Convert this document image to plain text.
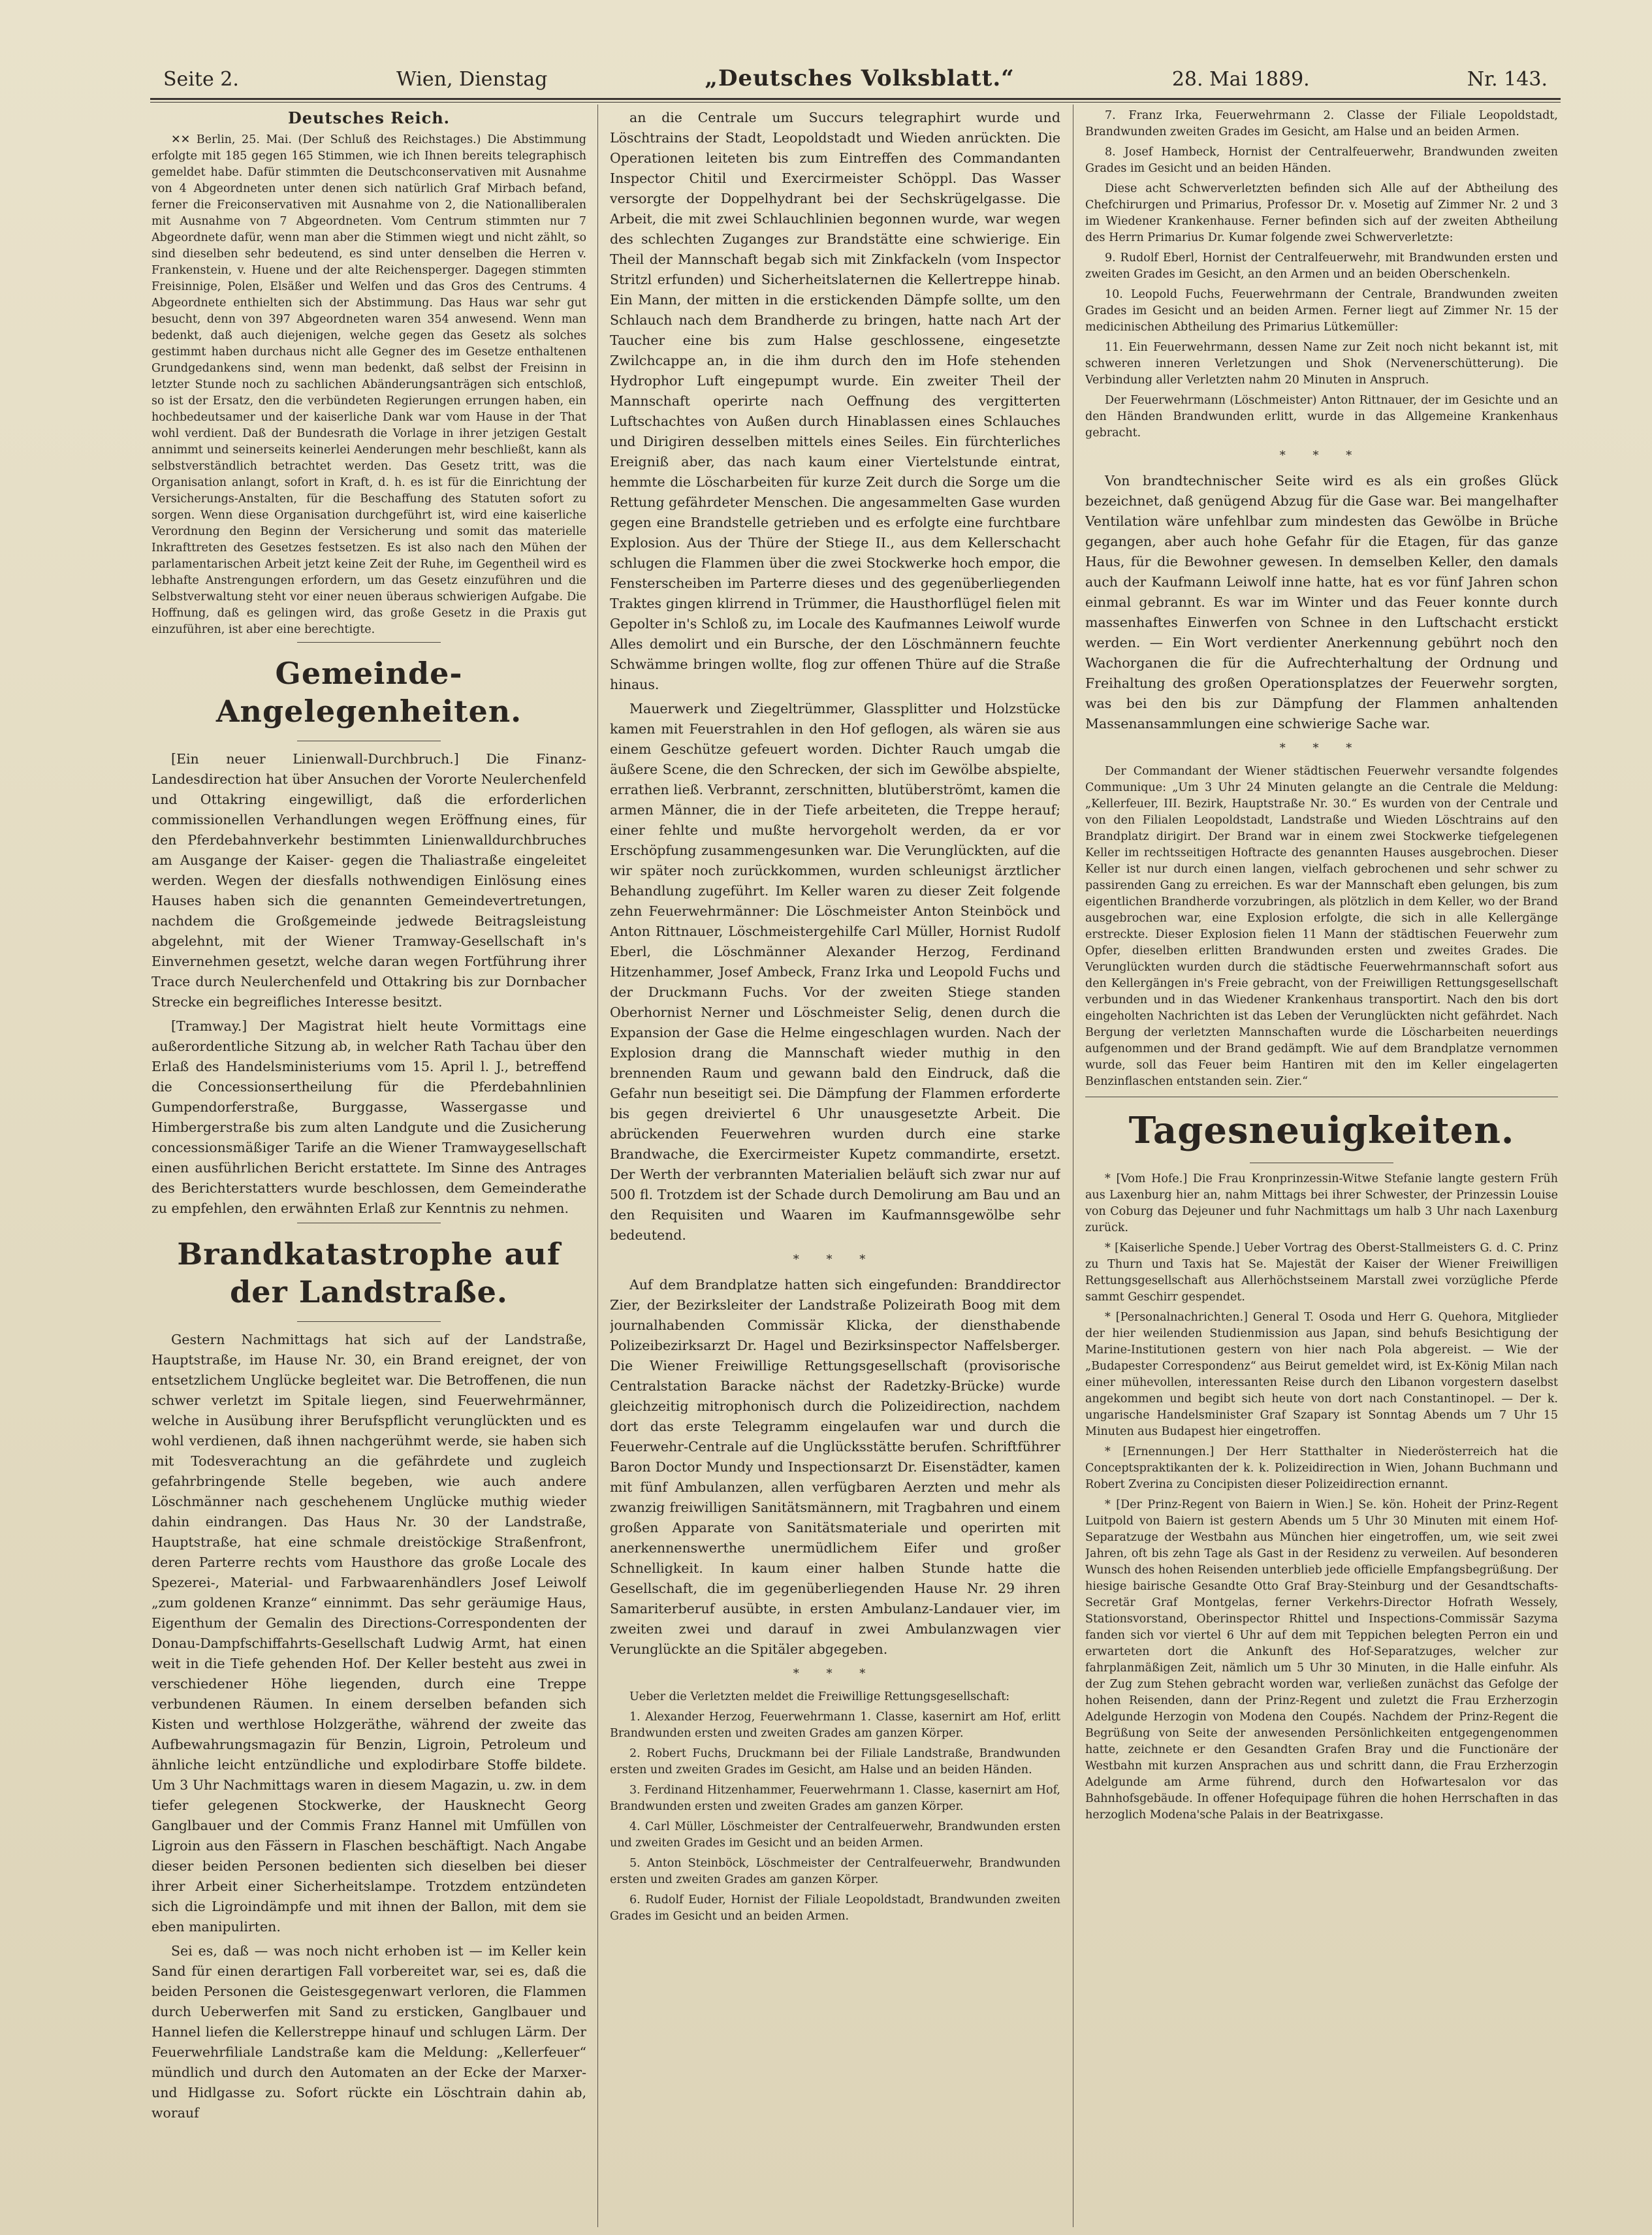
Seite 2.	Wien, Dienstag	„Deutsches Volksblatt.“	28. Mai 1889.	Nr. 143.
Deutsches Reich.

✕✕ Berlin, 25. Mai. (Der Schluß des Reichstages.) Die Abstimmung erfolgte mit 185 gegen 165 Stimmen, wie ich Ihnen bereits telegraphisch gemeldet habe. Dafür stimmten die Deutschconservativen mit Ausnahme von 4 Abgeordneten unter denen sich natürlich Graf Mirbach befand, ferner die Freiconservativen mit Ausnahme von 2, die Nationalliberalen mit Ausnahme von 7 Abgeordneten. Vom Centrum stimmten nur 7 Abgeordnete dafür, wenn man aber die Stimmen wiegt und nicht zählt, so sind dieselben sehr bedeutend, es sind unter denselben die Herren v. Frankenstein, v. Huene und der alte Reichensperger. Dagegen stimmten Freisinnige, Polen, Elsäßer und Welfen und das Gros des Centrums. 4 Abgeordnete enthielten sich der Abstimmung. Das Haus war sehr gut besucht, denn von 397 Abgeordneten waren 354 anwesend. Wenn man bedenkt, daß auch diejenigen, welche gegen das Gesetz als solches gestimmt haben durchaus nicht alle Gegner des im Gesetze enthaltenen Grundgedankens sind, wenn man bedenkt, daß selbst der Freisinn in letzter Stunde noch zu sachlichen Abänderungsanträgen sich entschloß, so ist der Ersatz, den die verbündeten Regierungen errungen haben, ein hochbedeutsamer und der kaiserliche Dank war vom Hause in der That wohl verdient. Daß der Bundesrath die Vorlage in ihrer jetzigen Gestalt annimmt und seinerseits keinerlei Aenderungen mehr beschließt, kann als selbstverständlich betrachtet werden. Das Gesetz tritt, was die Organisation anlangt, sofort in Kraft, d. h. es ist für die Einrichtung der Versicherungs-Anstalten, für die Beschaffung des Statuten sofort zu sorgen. Wenn diese Organisation durchgeführt ist, wird eine kaiserliche Verordnung den Beginn der Versicherung und somit das materielle Inkrafttreten des Gesetzes festsetzen. Es ist also nach den Mühen der parlamentarischen Arbeit jetzt keine Zeit der Ruhe, im Gegentheil wird es lebhafte Anstrengungen erfordern, um das Gesetz einzuführen und die Selbstverwaltung steht vor einer neuen überaus schwierigen Aufgabe. Die Hoffnung, daß es gelingen wird, das große Gesetz in die Praxis gut einzuführen, ist aber eine berechtigte.

Gemeinde-Angelegenheiten.

[Ein neuer Linienwall-Durchbruch.] Die Finanz-Landesdirection hat über Ansuchen der Vororte Neulerchenfeld und Ottakring eingewilligt, daß die erforderlichen commissionellen Verhandlungen wegen Eröffnung eines, für den Pferdebahnverkehr bestimmten Linienwalldurchbruches am Ausgange der Kaiser- gegen die Thaliastraße eingeleitet werden. Wegen der diesfalls nothwendigen Einlösung eines Hauses haben sich die genannten Gemeindevertretungen, nachdem die Großgemeinde jedwede Beitragsleistung abgelehnt, mit der Wiener Tramway-Gesellschaft in's Einvernehmen gesetzt, welche daran wegen Fortführung ihrer Trace durch Neulerchenfeld und Ottakring bis zur Dornbacher Strecke ein begreifliches Interesse besitzt.

[Tramway.] Der Magistrat hielt heute Vormittags eine außerordentliche Sitzung ab, in welcher Rath Tachau über den Erlaß des Handelsministeriums vom 15. April l. J., betreffend die Concessionsertheilung für die Pferdebahnlinien Gumpendorferstraße, Burggasse, Wassergasse und Himbergerstraße bis zum alten Landgute und die Zusicherung concessionsmäßiger Tarife an die Wiener Tramwaygesellschaft einen ausführlichen Bericht erstattete. Im Sinne des Antrages des Berichterstatters wurde beschlossen, dem Gemeinderathe zu empfehlen, den erwähnten Erlaß zur Kenntnis zu nehmen.

Brandkatastrophe auf der Landstraße.

Gestern Nachmittags hat sich auf der Landstraße, Hauptstraße, im Hause Nr. 30, ein Brand ereignet, der von entsetzlichem Unglücke begleitet war. Die Betroffenen, die nun schwer verletzt im Spitale liegen, sind Feuerwehrmänner, welche in Ausübung ihrer Berufspflicht verunglückten und es wohl verdienen, daß ihnen nachgerühmt werde, sie haben sich mit Todesverachtung an die gefährdete und zugleich gefahrbringende Stelle begeben, wie auch andere Löschmänner nach geschehenem Unglücke muthig wieder dahin eindrangen. Das Haus Nr. 30 der Landstraße, Hauptstraße, hat eine schmale dreistöckige Straßenfront, deren Parterre rechts vom Hausthore das große Locale des Spezerei-, Material- und Farbwaarenhändlers Josef Leiwolf „zum goldenen Kranze“ einnimmt. Das sehr geräumige Haus, Eigenthum der Gemalin des Directions-Correspondenten der Donau-Dampfschiffahrts-Gesellschaft Ludwig Armt, hat einen weit in die Tiefe gehenden Hof. Der Keller besteht aus zwei in verschiedener Höhe liegenden, durch eine Treppe verbundenen Räumen. In einem derselben befanden sich Kisten und werthlose Holzgeräthe, während der zweite das Aufbewahrungsmagazin für Benzin, Ligroin, Petroleum und ähnliche leicht entzündliche und explodirbare Stoffe bildete. Um 3 Uhr Nachmittags waren in diesem Magazin, u. zw. in dem tiefer gelegenen Stockwerke, der Hausknecht Georg Ganglbauer und der Commis Franz Hannel mit Umfüllen von Ligroin aus den Fässern in Flaschen beschäftigt. Nach Angabe dieser beiden Personen bedienten sich dieselben bei dieser ihrer Arbeit einer Sicherheitslampe. Trotzdem entzündeten sich die Ligroindämpfe und mit ihnen der Ballon, mit dem sie eben manipulirten.

Sei es, daß — was noch nicht erhoben ist — im Keller kein Sand für einen derartigen Fall vorbereitet war, sei es, daß die beiden Personen die Geistesgegenwart verloren, die Flammen durch Ueberwerfen mit Sand zu ersticken, Ganglbauer und Hannel liefen die Kellerstreppe hinauf und schlugen Lärm. Der Feuerwehrfiliale Landstraße kam die Meldung: „Kellerfeuer“ mündlich und durch den Automaten an der Ecke der Marxer- und Hidlgasse zu. Sofort rückte ein Löschtrain dahin ab, worauf

an die Centrale um Succurs telegraphirt wurde und Löschtrains der Stadt, Leopoldstadt und Wieden anrückten. Die Operationen leiteten bis zum Eintreffen des Commandanten Inspector Chitil und Exercirmeister Schöppl. Das Wasser versorgte der Doppelhydrant bei der Sechskrügelgasse. Die Arbeit, die mit zwei Schlauchlinien begonnen wurde, war wegen des schlechten Zuganges zur Brandstätte eine schwierige. Ein Theil der Mannschaft begab sich mit Zinkfackeln (vom Inspector Stritzl erfunden) und Sicherheitslaternen die Kellertreppe hinab. Ein Mann, der mitten in die erstickenden Dämpfe sollte, um den Schlauch nach dem Brandherde zu bringen, hatte nach Art der Taucher eine bis zum Halse geschlossene, eingesetzte Zwilchcappe an, in die ihm durch den im Hofe stehenden Hydrophor Luft eingepumpt wurde. Ein zweiter Theil der Mannschaft operirte nach Oeffnung des vergitterten Luftschachtes von Außen durch Hinablassen eines Schlauches und Dirigiren desselben mittels eines Seiles. Ein fürchterliches Ereigniß aber, das nach kaum einer Viertelstunde eintrat, hemmte die Löscharbeiten für kurze Zeit durch die Sorge um die Rettung gefährdeter Menschen. Die angesammelten Gase wurden gegen eine Brandstelle getrieben und es erfolgte eine furchtbare Explosion. Aus der Thüre der Stiege II., aus dem Kellerschacht schlugen die Flammen über die zwei Stockwerke hoch empor, die Fensterscheiben im Parterre dieses und des gegenüberliegenden Traktes gingen klirrend in Trümmer, die Hausthorflügel fielen mit Gepolter in's Schloß zu, im Locale des Kaufmannes Leiwolf wurde Alles demolirt und ein Bursche, der den Löschmännern feuchte Schwämme bringen wollte, flog zur offenen Thüre auf die Straße hinaus.

Mauerwerk und Ziegeltrümmer, Glassplitter und Holzstücke kamen mit Feuerstrahlen in den Hof geflogen, als wären sie aus einem Geschütze gefeuert worden. Dichter Rauch umgab die äußere Scene, die den Schrecken, der sich im Gewölbe abspielte, errathen ließ. Verbrannt, zerschnitten, blutüberströmt, kamen die armen Männer, die in der Tiefe arbeiteten, die Treppe herauf; einer fehlte und mußte hervorgeholt werden, da er vor Erschöpfung zusammengesunken war. Die Verunglückten, auf die wir später noch zurückkommen, wurden schleunigst ärztlicher Behandlung zugeführt. Im Keller waren zu dieser Zeit folgende zehn Feuerwehrmänner: Die Löschmeister Anton Steinböck und Anton Rittnauer, Löschmeistergehilfe Carl Müller, Hornist Rudolf Eberl, die Löschmänner Alexander Herzog, Ferdinand Hitzenhammer, Josef Ambeck, Franz Irka und Leopold Fuchs und der Druckmann Fuchs. Vor der zweiten Stiege standen Oberhornist Nerner und Löschmeister Selig, denen durch die Expansion der Gase die Helme eingeschlagen wurden. Nach der Explosion drang die Mannschaft wieder muthig in den brennenden Raum und gewann bald den Eindruck, daß die Gefahr nun beseitigt sei. Die Dämpfung der Flammen erforderte bis gegen dreiviertel 6 Uhr unausgesetzte Arbeit. Die abrückenden Feuerwehren wurden durch eine starke Brandwache, die Exercirmeister Kupetz commandirte, ersetzt. Der Werth der verbrannten Materialien beläuft sich zwar nur auf 500 fl. Trotzdem ist der Schade durch Demolirung am Bau und an den Requisiten und Waaren im Kaufmannsgewölbe sehr bedeutend.

* * *

Auf dem Brandplatze hatten sich eingefunden: Branddirector Zier, der Bezirksleiter der Landstraße Polizeirath Boog mit dem journalhabenden Commissär Klicka, der diensthabende Polizeibezirksarzt Dr. Hagel und Bezirksinspector Naffelsberger. Die Wiener Freiwillige Rettungsgesellschaft (provisorische Centralstation Baracke nächst der Radetzky-Brücke) wurde gleichzeitig mitrophonisch durch die Polizeidirection, nachdem dort das erste Telegramm eingelaufen war und durch die Feuerwehr-Centrale auf die Unglücksstätte berufen. Schriftführer Baron Doctor Mundy und Inspectionsarzt Dr. Eisenstädter, kamen mit fünf Ambulanzen, allen verfügbaren Aerzten und mehr als zwanzig freiwilligen Sanitätsmännern, mit Tragbahren und einem großen Apparate von Sanitätsmateriale und operirten mit anerkennenswerthe unermüdlichem Eifer und großer Schnelligkeit. In kaum einer halben Stunde hatte die Gesellschaft, die im gegenüberliegenden Hause Nr. 29 ihren Samariterberuf ausübte, in ersten Ambulanz-Landauer vier, im zweiten zwei und darauf in zwei Ambulanzwagen vier Verunglückte an die Spitäler abgegeben.

* * *

Ueber die Verletzten meldet die Freiwillige Rettungsgesellschaft:

1. Alexander Herzog, Feuerwehrmann 1. Classe, kasernirt am Hof, erlitt Brandwunden ersten und zweiten Grades am ganzen Körper.

2. Robert Fuchs, Druckmann bei der Filiale Landstraße, Brandwunden ersten und zweiten Grades im Gesicht, am Halse und an beiden Händen.

3. Ferdinand Hitzenhammer, Feuerwehrmann 1. Classe, kasernirt am Hof, Brandwunden ersten und zweiten Grades am ganzen Körper.

4. Carl Müller, Löschmeister der Centralfeuerwehr, Brandwunden ersten und zweiten Grades im Gesicht und an beiden Armen.

5. Anton Steinböck, Löschmeister der Centralfeuerwehr, Brandwunden ersten und zweiten Grades am ganzen Körper.

6. Rudolf Euder, Hornist der Filiale Leopoldstadt, Brandwunden zweiten Grades im Gesicht und an beiden Armen.

7. Franz Irka, Feuerwehrmann 2. Classe der Filiale Leopoldstadt, Brandwunden zweiten Grades im Gesicht, am Halse und an beiden Armen.

8. Josef Hambeck, Hornist der Centralfeuerwehr, Brandwunden zweiten Grades im Gesicht und an beiden Händen.

Diese acht Schwerverletzten befinden sich Alle auf der Abtheilung des Chefchirurgen und Primarius, Professor Dr. v. Mosetig auf Zimmer Nr. 2 und 3 im Wiedener Krankenhause. Ferner befinden sich auf der zweiten Abtheilung des Herrn Primarius Dr. Kumar folgende zwei Schwerverletzte:

9. Rudolf Eberl, Hornist der Centralfeuerwehr, mit Brandwunden ersten und zweiten Grades im Gesicht, an den Armen und an beiden Oberschenkeln.

10. Leopold Fuchs, Feuerwehrmann der Centrale, Brandwunden zweiten Grades im Gesicht und an beiden Armen. Ferner liegt auf Zimmer Nr. 15 der medicinischen Abtheilung des Primarius Lütkemüller:

11. Ein Feuerwehrmann, dessen Name zur Zeit noch nicht bekannt ist, mit schweren inneren Verletzungen und Shok (Nervenerschütterung). Die Verbindung aller Verletzten nahm 20 Minuten in Anspruch.

Der Feuerwehrmann (Löschmeister) Anton Rittnauer, der im Gesichte und an den Händen Brandwunden erlitt, wurde in das Allgemeine Krankenhaus gebracht.

* * *

Von brandtechnischer Seite wird es als ein großes Glück bezeichnet, daß genügend Abzug für die Gase war. Bei mangelhafter Ventilation wäre unfehlbar zum mindesten das Gewölbe in Brüche gegangen, aber auch hohe Gefahr für die Etagen, für das ganze Haus, für die Bewohner gewesen. In demselben Keller, den damals auch der Kaufmann Leiwolf inne hatte, hat es vor fünf Jahren schon einmal gebrannt. Es war im Winter und das Feuer konnte durch massenhaftes Einwerfen von Schnee in den Luftschacht erstickt werden. — Ein Wort verdienter Anerkennung gebührt noch den Wachorganen die für die Aufrechterhaltung der Ordnung und Freihaltung des großen Operationsplatzes der Feuerwehr sorgten, was bei den bis zur Dämpfung der Flammen anhaltenden Massenansammlungen eine schwierige Sache war.

* * *

Der Commandant der Wiener städtischen Feuerwehr versandte folgendes Communique: „Um 3 Uhr 24 Minuten gelangte an die Centrale die Meldung: „Kellerfeuer, III. Bezirk, Hauptstraße Nr. 30.“ Es wurden von der Centrale und von den Filialen Leopoldstadt, Landstraße und Wieden Löschtrains auf den Brandplatz dirigirt. Der Brand war in einem zwei Stockwerke tiefgelegenen Keller im rechtsseitigen Hoftracte des genannten Hauses ausgebrochen. Dieser Keller ist nur durch einen langen, vielfach gebrochenen und sehr schwer zu passirenden Gang zu erreichen. Es war der Mannschaft eben gelungen, bis zum eigentlichen Brandherde vorzubringen, als plötzlich in dem Keller, wo der Brand ausgebrochen war, eine Explosion erfolgte, die sich in alle Kellergänge erstreckte. Dieser Explosion fielen 11 Mann der städtischen Feuerwehr zum Opfer, dieselben erlitten Brandwunden ersten und zweites Grades. Die Verunglückten wurden durch die städtische Feuerwehrmannschaft sofort aus den Kellergängen in's Freie gebracht, von der Freiwilligen Rettungsgesellschaft verbunden und in das Wiedener Krankenhaus transportirt. Nach den bis dort eingeholten Nachrichten ist das Leben der Verunglückten nicht gefährdet. Nach Bergung der verletzten Mannschaften wurde die Löscharbeiten neuerdings aufgenommen und der Brand gedämpft. Wie auf dem Brandplatze vernommen wurde, soll das Feuer beim Hantiren mit den im Keller eingelagerten Benzinflaschen entstanden sein. Zier.“

Tagesneuigkeiten.

* [Vom Hofe.] Die Frau Kronprinzessin-Witwe Stefanie langte gestern Früh aus Laxenburg hier an, nahm Mittags bei ihrer Schwester, der Prinzessin Louise von Coburg das Dejeuner und fuhr Nachmittags um halb 3 Uhr nach Laxenburg zurück.

* [Kaiserliche Spende.] Ueber Vortrag des Oberst-Stallmeisters G. d. C. Prinz zu Thurn und Taxis hat Se. Majestät der Kaiser der Wiener Freiwilligen Rettungsgesellschaft aus Allerhöchstseinem Marstall zwei vorzügliche Pferde sammt Geschirr gespendet.

* [Personalnachrichten.] General T. Osoda und Herr G. Quehora, Mitglieder der hier weilenden Studienmission aus Japan, sind behufs Besichtigung der Marine-Institutionen gestern von hier nach Pola abgereist. — Wie der „Budapester Correspondenz“ aus Beirut gemeldet wird, ist Ex-König Milan nach einer mühevollen, interessanten Reise durch den Libanon vorgestern daselbst angekommen und begibt sich heute von dort nach Constantinopel. — Der k. ungarische Handelsminister Graf Szapary ist Sonntag Abends um 7 Uhr 15 Minuten aus Budapest hier eingetroffen.

* [Ernennungen.] Der Herr Statthalter in Niederösterreich hat die Conceptspraktikanten der k. k. Polizeidirection in Wien, Johann Buchmann und Robert Zverina zu Concipisten dieser Polizeidirection ernannt.

* [Der Prinz-Regent von Baiern in Wien.] Se. kön. Hoheit der Prinz-Regent Luitpold von Baiern ist gestern Abends um 5 Uhr 30 Minuten mit einem Hof-Separatzuge der Westbahn aus München hier eingetroffen, um, wie seit zwei Jahren, oft bis zehn Tage als Gast in der Residenz zu verweilen. Auf besonderen Wunsch des hohen Reisenden unterblieb jede officielle Empfangsbegrüßung. Der hiesige bairische Gesandte Otto Graf Bray-Steinburg und der Gesandtschafts-Secretär Graf Montgelas, ferner Verkehrs-Director Hofrath Wessely, Stationsvorstand, Oberinspector Rhittel und Inspections-Commissär Sazyma fanden sich vor viertel 6 Uhr auf dem mit Teppichen belegten Perron ein und erwarteten dort die Ankunft des Hof-Separatzuges, welcher zur fahrplanmäßigen Zeit, nämlich um 5 Uhr 30 Minuten, in die Halle einfuhr. Als der Zug zum Stehen gebracht worden war, verließen zunächst das Gefolge der hohen Reisenden, dann der Prinz-Regent und zuletzt die Frau Erzherzogin Adelgunde Herzogin von Modena den Coupés. Nachdem der Prinz-Regent die Begrüßung von Seite der anwesenden Persönlichkeiten entgegengenommen hatte, zeichnete er den Gesandten Grafen Bray und die Functionäre der Westbahn mit kurzen Ansprachen aus und schritt dann, die Frau Erzherzogin Adelgunde am Arme führend, durch den Hofwartesalon vor das Bahnhofsgebäude. In offener Hofequipage führen die hohen Herrschaften in das herzoglich Modena'sche Palais in der Beatrixgasse.
